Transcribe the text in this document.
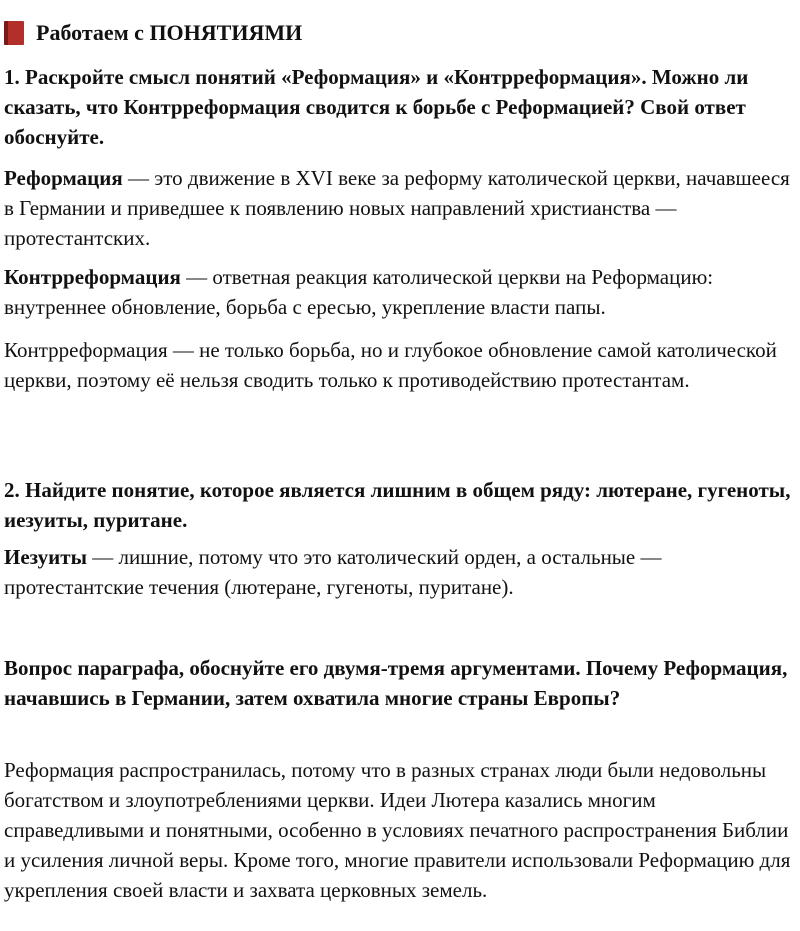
Работаем с ПОНЯТИЯМИ

1. Раскройте смысл понятий «Реформация» и «Контрреформация». Можно ли сказать, что Контрреформация сводится к борьбе с Реформацией? Свой ответ обоснуйте.

Реформация — это движение в XVI веке за реформу католической церкви, начавшееся в Германии и приведшее к появлению новых направлений христианства — протестантских.

Контрреформация — ответная реакция католической церкви на Реформацию: внутреннее обновление, борьба с ересью, укрепление власти папы.

Контрреформация — не только борьба, но и глубокое обновление самой католической церкви, поэтому её нельзя сводить только к противодействию протестантам.

2. Найдите понятие, которое является лишним в общем ряду: лютеране, гугеноты, иезуиты, пуритане.

Иезуиты — лишние, потому что это католический орден, а остальные — протестантские течения (лютеране, гугеноты, пуритане).

Вопрос параграфа, обоснуйте его двумя-тремя аргументами. Почему Реформация, начавшись в Германии, затем охватила многие страны Европы?

Реформация распространилась, потому что в разных странах люди были недовольны богатством и злоупотреблениями церкви. Идеи Лютера казались многим справедливыми и понятными, особенно в условиях печатного распространения Библии и усиления личной веры. Кроме того, многие правители использовали Реформацию для укрепления своей власти и захвата церковных земель.
